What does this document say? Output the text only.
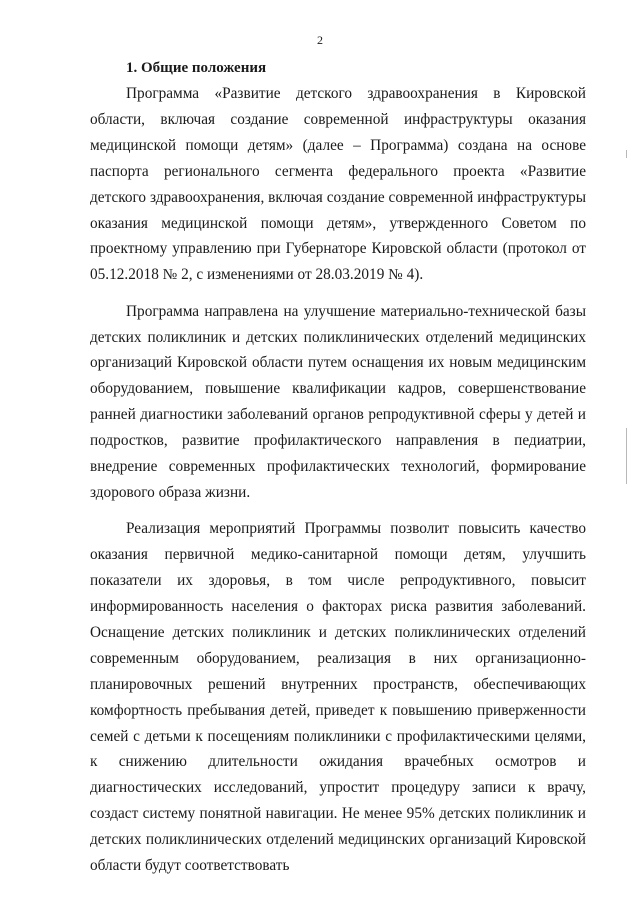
2
1. Общие положения

Программа «Развитие детского здравоохранения в Кировской области, включая создание современной инфраструктуры оказания медицинской помощи детям» (далее – Программа) создана на основе паспорта регионального сегмента федерального проекта «Развитие детского здравоохранения, включая создание современной инфраструктуры оказания медицинской помощи детям», утвержденного Советом по проектному управлению при Губернаторе Кировской области (протокол от 05.12.2018 № 2, с изменениями от 28.03.2019 № 4).

Программа направлена на улучшение материально-технической базы детских поликлиник и детских поликлинических отделений медицинских организаций Кировской области путем оснащения их новым медицинским оборудованием, повышение квалификации кадров, совершенствование ранней диагностики заболеваний органов репродуктивной сферы у детей и подростков, развитие профилактического направления в педиатрии, внедрение современных профилактических технологий, формирование здорового образа жизни.

Реализация мероприятий Программы позволит повысить качество оказания первичной медико-санитарной помощи детям, улучшить показатели их здоровья, в том числе репродуктивного, повысит информированность населения о факторах риска развития заболеваний. Оснащение детских поликлиник и детских поликлинических отделений современным оборудованием, реализация в них организационно-планировочных решений внутренних пространств, обеспечивающих комфортность пребывания детей, приведет к повышению приверженности семей с детьми к посещениям поликлиники с профилактическими целями, к снижению длительности ожидания врачебных осмотров и диагностических исследований, упростит процедуру записи к врачу, создаст систему понятной навигации. Не менее 95% детских поликлиник и детских поликлинических отделений медицинских организаций Кировской области будут соответствовать
